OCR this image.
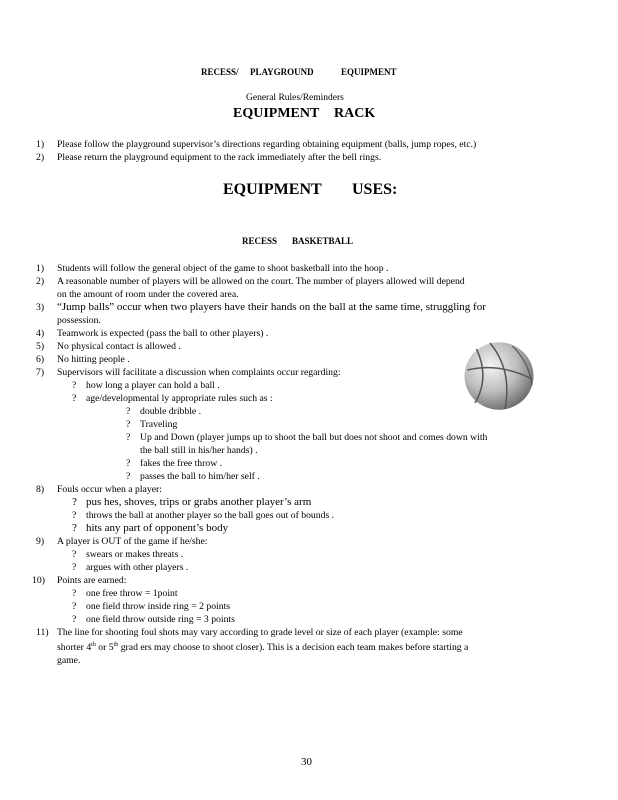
RECESS/ PLAYGROUND	EQUIPMENT
General Rules/Reminders
EQUIPMENT RACK
1)	Please follow the playground supervisor’s directions regarding obtaining equipment (balls, jump ropes, etc.)
2)	Please return the playground equipment to the rack immediately after the bell rings.
EQUIPMENT USES:
RECESS BASKETBALL
1)	Students will follow the general object of the game to shoot basketball into the hoop .
2)	A reasonable number of players will be allowed on the court. The number of players allowed will depend
on the amount of room under the covered area.
3)	“Jump balls” occur when two players have their hands on the ball at the same time, struggling for
possession.
4)	Teamwork is expected (pass the ball to other players) .
5)	No physical contact is allowed .
6)	No hitting people .
7)	Supervisors will facilitate a discussion when complaints occur regarding:
? how long a player can hold a ball .
? age/developmental ly appropriate rules such as :
? double dribble .
? Traveling
? Up and Down (player jumps up to shoot the ball but does not shoot and comes down with
the ball still in his/her hands) .
? fakes the free throw .
? passes the ball to him/her self .
8)	Fouls occur when a player:
? pus hes, shoves, trips or grabs another player’s arm
? throws the ball at another player so the ball goes out of bounds .
? hits any part of opponent’s body
9)	A player is OUT of the game if he/she:
? swears or makes threats .
? argues with other players .
10)	Points are earned:
? one free throw = 1point
? one field throw inside ring = 2 points
? one field throw outside ring = 3 points
11) The line for shooting foul shots may vary according to grade level or size of each player (example: some
shorter 4th or 5th grad ers may choose to shoot closer). This is a decision each team makes before starting a
game.
30
